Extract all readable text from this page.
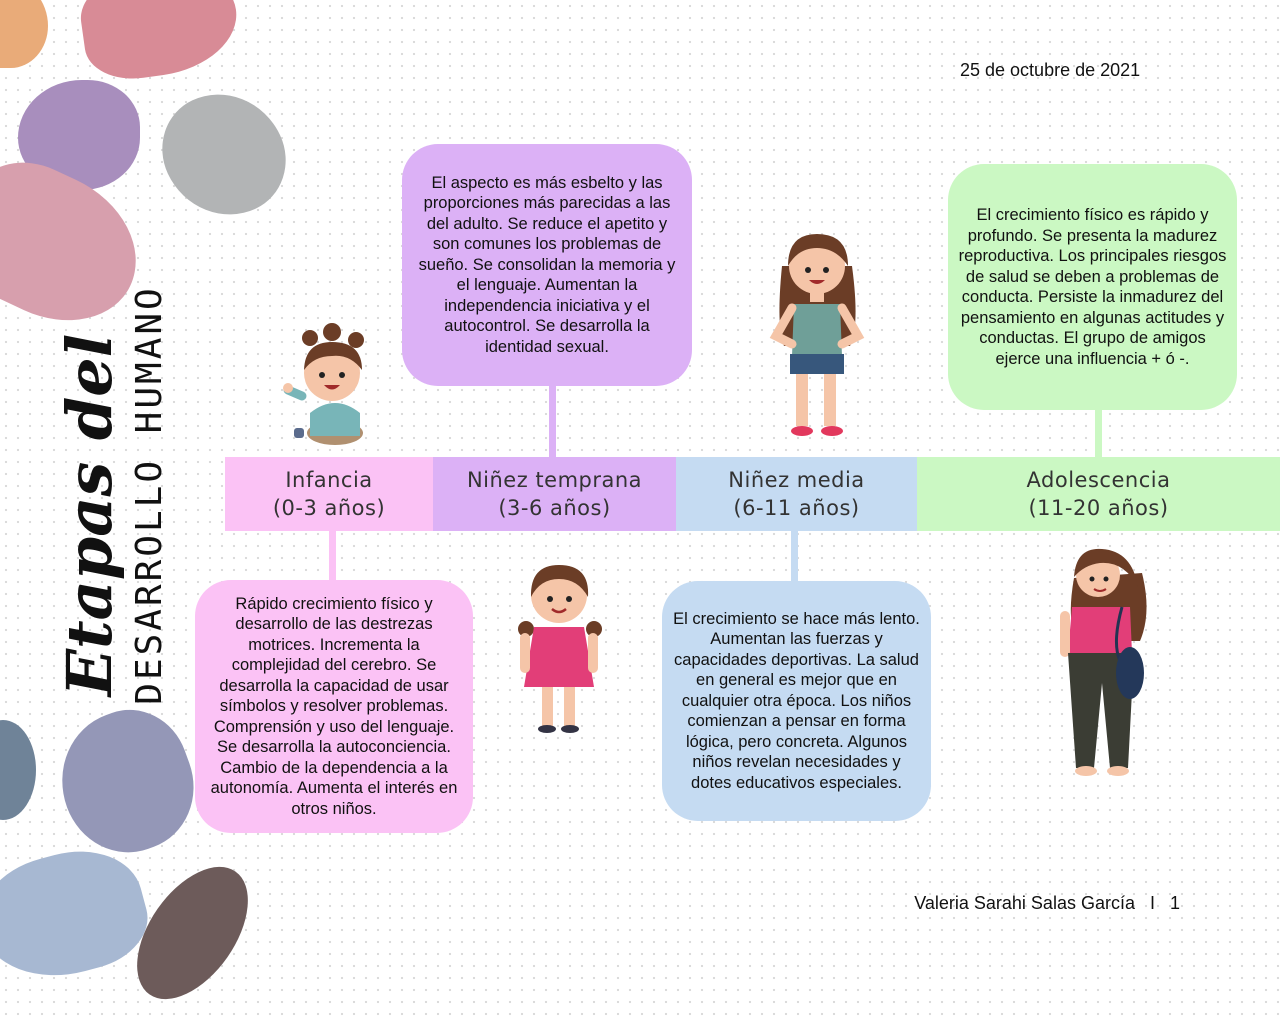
25 de octubre de 2021
Valeria Sarahi Salas García   I   1
Etapas del DESARROLLO HUMANO	Infancia
(0-3 años)
Niñez temprana
(3-6 años)
Niñez media
(6-11 años)
Adolescencia
(11-20 años)
Rápido crecimiento físico y desarrollo de las destrezas motrices. Incrementa la complejidad del cerebro. Se desarrolla la capacidad de usar símbolos y resolver problemas. Comprensión y uso del lenguaje. Se desarrolla la autoconciencia. Cambio de la dependencia a la autonomía. Aumenta el interés en otros niños.
El aspecto es más esbelto y las proporciones más parecidas a las del adulto. Se reduce el apetito y son comunes los problemas de sueño. Se consolidan la memoria y el lenguaje. Aumentan la independencia iniciativa y el autocontrol. Se desarrolla la identidad sexual.
El crecimiento se hace más lento. Aumentan las fuerzas y capacidades deportivas. La salud en general es mejor que en cualquier otra época. Los niños comienzan a pensar en forma lógica, pero concreta. Algunos niños revelan necesidades y dotes educativos especiales.
El crecimiento físico es rápido y profundo. Se presenta la madurez reproductiva. Los principales riesgos de salud se deben a problemas de conducta. Persiste la inmadurez del pensamiento en algunas actitudes y conductas. El grupo de amigos ejerce una influencia + ó -.
